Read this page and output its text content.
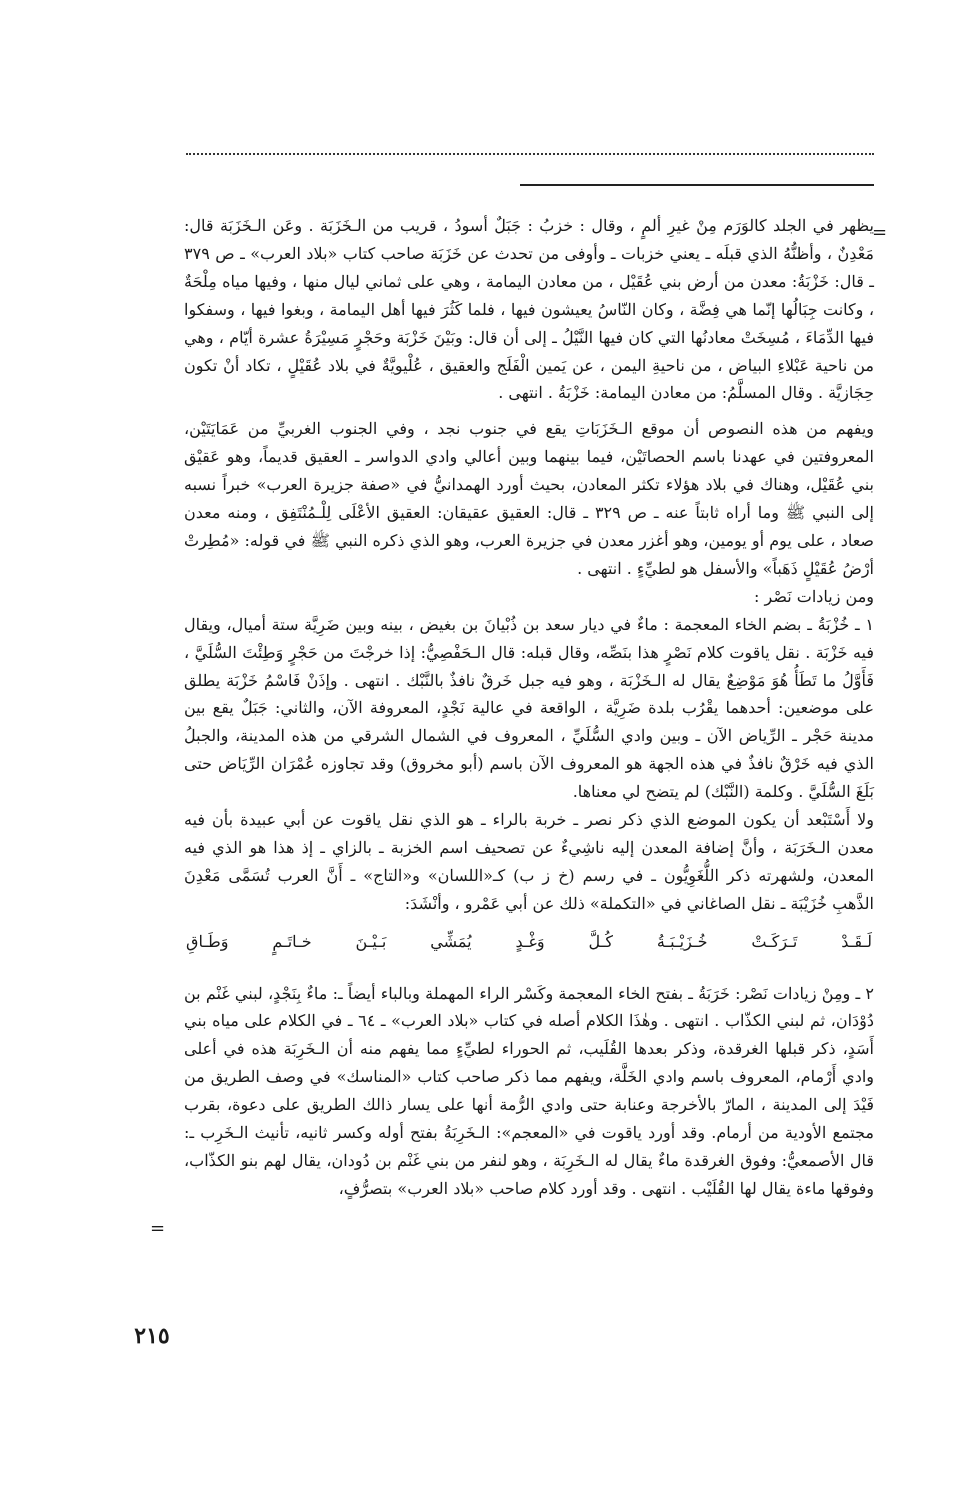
=

يظهر في الجلد كالوَرَم مِنْ غيرِ ألمٍ ، وقال : خزبُ : جَبَلٌ أسودُ ، قريب من الـخَزَبَة . وعَن الـخَزَبَة قال: مَعْدِنٌ ، وأظنُّهُ الذي قبلَه ـ يعني خزبات ـ وأوفى من تحدث عن خَزَبَة صاحب كتاب «بلاد العرب» ـ ص ٣٧٩ ـ قال: خَزْبَةُ: معدن من أرض بني عُقَيْل ، من معادن اليمامة ، وهي على ثماني ليال منها ، وفيها مياه مِلْحَةٌ ، وكانت جِبَالُها إنّما هي فِضَّة ، وكان النّاسُ يعيشون فيها ، فلما كَثُرَ فيها أهل اليمامة ، وبغوا فيها ، وسفكوا فيها الدِّمَاءَ ، مُسِخَتْ معادنُها التي كان فيها النَّيْلُ ـ إلى أن قال: وبَيْنَ خَزْبَة وحَجْرٍ مَسِيْرَةُ عشرة أيّام ، وهي من ناحية عَبْلاءِ البياض ، من ناحيةِ اليمن ، عن يَمين الْفَلَج والعقيق ، عُلْيويَّةٌ في بلاد عُقَيْلٍ ، تكاد أنْ تكون حِجَازيَّة . وقال المسلَّمُ: من معادن اليمامة: خَزْبَةُ . انتهى .

ويفهم من هذه النصوص أن موقع الـخَزَبَاتِ يقع في جنوب نجد ، وفي الجنوب الغربيِّ من عَمَايَتَيْن، المعروفتين في عهدنا باسم الحصاتَيْن، فيما بينهما وبين أعالي وادي الدواسر ـ العقيق قديماً، وهو عَقيْق بني عُقَيْل، وهناك في بلاد هؤلاء تكثر المعادن، بحيث أورد الهمدانيُّ في «صفة جزيرة العرب» خبراً نسبه إلى النبي ﷺ وما أراه ثابتاً عنه ـ ص ٣٢٩ ـ قال: العقيق عقيقان: العقيق الأعْلَى لِلْـمُنْتَفِق ، ومنه معدن صعاد ، على يوم أو يومين، وهو أغزر معدن في جزيرة العرب، وهو الذي ذكره النبي ﷺ في قوله: «مُطِرتْ أرْضُ عُقَيْلٍ ذَهَباً» والأسفل هو لطيِّءٍ . انتهى .

ومن زيادات نَصْر :

١ ـ خُزْبَةُ ـ بضم الخاء المعجمة : ماءٌ في ديار سعد بن ذُبْيانَ بن بغيض ، بينه وبين ضَرِيَّة ستة أميال، ويقال فيه خَزْبَة . نقل ياقوت كلام نَصْرٍ هذا بنَصِّه، وقال قبله: قال الـحَفْصِيُّ: إذا خرجْتَ من حَجْرٍ وَطِئْتَ السُّلَيَّ ، فَأَوَّلُ ما تَطَأُ هُوَ مَوْضِعٌ يقال له الـخَزْبَة ، وهو فيه جبل خَرقٌ نافذٌ بالنَّبْك . انتهى . وإذَنْ فَاسْمُ خَزْبَة يطلق على موضعين: أحدهما يقْرُب بلدة ضَرِيَّة ، الواقعة في عالية نَجْدٍ، المعروفة الآن، والثاني: جَبَلٌ يقع بين مدينة حَجْر ـ الرِّياض الآن ـ وبين وادي السُّلَيِّ ، المعروف في الشمال الشرقي من هذه المدينة، والجبلُ الذي فيه خَرْقٌ نافذٌ في هذه الجهة هو المعروف الآن باسم (أبو مخروق) وقد تجاوزه عُمْرَان الرِّيَاض حتى بَلَغَ السُّلَيَّ . وكلمة (النَّبْك) لم يتضح لي معناها.

ولا أَسْتَبْعد أن يكون الموضع الذي ذكر نصر ـ خربة بالراء ـ هو الذي نقل ياقوت عن أبي عبيدة بأن فيه معدن الـخَرَبَة ، وأنَّ إضافة المعدن إليه ناشِيءٌ عن تصحيف اسم الخزبة ـ بالزاي ـ إذ هذا هو الذي فيه المعدن، ولشهرته ذكر اللُّغَوِيُّون ـ في رسم (خ ز ب) كـ«اللسان» و«التاج» ـ أَنَّ العرب تُسَمَّى مَعْدِنَ الذَّهبِ خُزَيْبَة ـ نقل الصاغاني في «التكملة» ذلك عن أبي عَمْرو ، وأنْشَدَ:

لَـقَـدْ
تَـرَكَـتْ
خُـزَيْـبَـةُ
كُـلَّ
وَغْـدٍ
يُمَشِّي
بَـيْـنَ
خـاتَـمٍ
وَطَـاقِ

٢ ـ ومِنْ زيادات نَصْر: خَرَبَةُ ـ بفتح الخاء المعجمة وكَسْر الراء المهملة وبالباء أيضاً ـ: ماءٌ بِنَجْدٍ، لبني غَنْم بن دُوْدَان، ثم لبني الكذّاب . انتهى . وهٰذَا الكلام أصله في كتاب «بلاد العرب» ـ ٦٤ ـ في الكلام على مياه بني أَسَدٍ، ذكر قبلها الغرقدة، وذكر بعدها القُلَيب، ثم الحوراء لطيِّءٍ مما يفهم منه أن الـخَرِبَة هذه في أعلى وادي أَرْمام، المعروف باسم وادي الخَلَّة، ويفهم مما ذكر صاحب كتاب «المناسك» في وصف الطريق من فَيْدَ إلى المدينة ، المارّ بالأخرجة وعنابة حتى وادي الرُّمة أنها على يسار ذالك الطريق على دعوة، بقرب مجتمع الأودية من أرمام. وقد أورد ياقوت في «المعجم»: الـخَرِبَةُ بفتح أوله وكسر ثانيه، تأنيث الـخَرِب ـ: قال الأصمعيُّ: وفوق الغرقدة ماءٌ يقال له الـخَرِبَة ، وهو لنفر من بني غَنْم بن دُودان، يقال لهم بنو الكذّاب، وفوقها ماءة يقال لها القُلَيْب . انتهى . وقد أورد كلام صاحب «بلاد العرب» بتصرُّفٍ،

=
٢١٥
